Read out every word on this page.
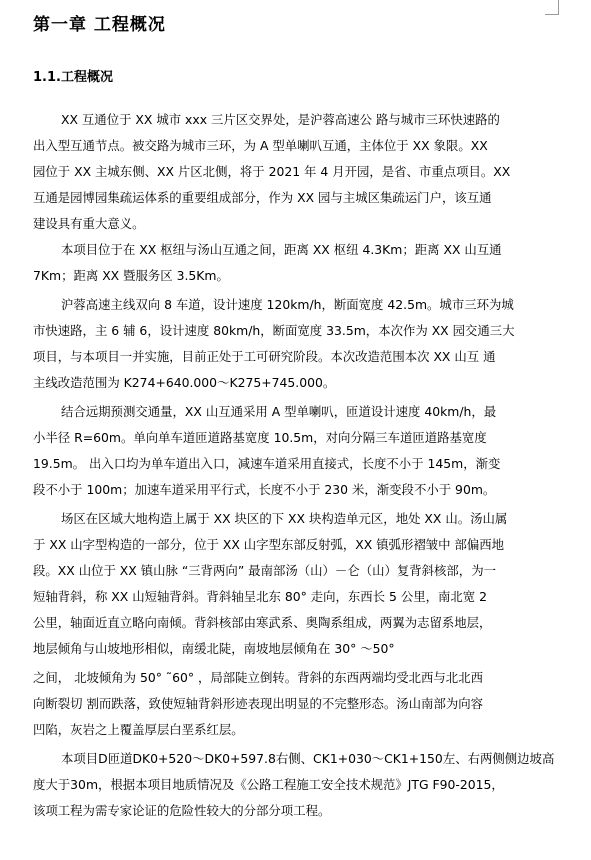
第一章 工程概况
1.1.工程概况
XX 互通位于 XX 城市 xxx 三片区交界处，是沪蓉高速公 路与城市三环快速路的
出入型互通节点。被交路为城市三环，为 A 型单喇叭互通，主体位于 XX 象限。XX
园位于 XX 主城东侧、XX 片区北侧，将于 2021 年 4 月开园，是省、市重点项目。XX
互通是园博园集疏运体系的重要组成部分，作为 XX 园与主城区集疏运门户，该互通
建设具有重大意义。
本项目位于在 XX 枢纽与汤山互通之间，距离 XX 枢纽 4.3Km；距离 XX 山互通
7Km；距离 XX 暨服务区 3.5Km。
沪蓉高速主线双向 8 车道，设计速度 120km/h，断面宽度 42.5m。城市三环为城
市快速路，主 6 辅 6，设计速度 80km/h，断面宽度 33.5m，本次作为 XX 园交通三大
项目，与本项目一并实施，目前正处于工可研究阶段。本次改造范围本次 XX 山互 通
主线改造范围为 K274+640.000～K275+745.000。
结合远期预测交通量，XX 山互通采用 A 型单喇叭，匝道设计速度 40km/h，最
小半径 R=60m。单向单车道匝道路基宽度 10.5m，对向分隔三车道匝道路基宽度
19.5m。 出入口均为单车道出入口，减速车道采用直接式，长度不小于 145m，渐变
段不小于 100m；加速车道采用平行式，长度不小于 230 米，渐变段不小于 90m。
场区在区域大地构造上属于 XX 块区的下 XX 块构造单元区，地处 XX 山。汤山属
于 XX 山字型构造的一部分，位于 XX 山字型东部反射弧，XX 镇弧形褶皱中 部偏西地
段。XX 山位于 XX 镇山脉 “三背两向” 最南部汤（山）－仑（山）复背斜核部，为一
短轴背斜，称 XX 山短轴背斜。背斜轴呈北东 80° 走向，东西长 5 公里，南北宽 2
公里，轴面近直立略向南倾。背斜核部由寒武系、奥陶系组成，两翼为志留系地层，
地层倾角与山坡地形相似，南缓北陡，南坡地层倾角在 30° ～50°
之间， 北坡倾角为 50° ˜60° ，局部陡立倒转。背斜的东西两端均受北西与北北西
向断裂切 割而跌落，致使短轴背斜形迹表现出明显的不完整形态。汤山南部为向容
凹陷，灰岩之上覆盖厚层白垩系红层。
本项目D匝道DK0+520～DK0+597.8右侧、CK1+030～CK1+150左、右两侧侧边坡高
度大于30m，根据本项目地质情况及《公路工程施工安全技术规范》JTG F90-2015，
该项工程为需专家论证的危险性较大的分部分项工程。
